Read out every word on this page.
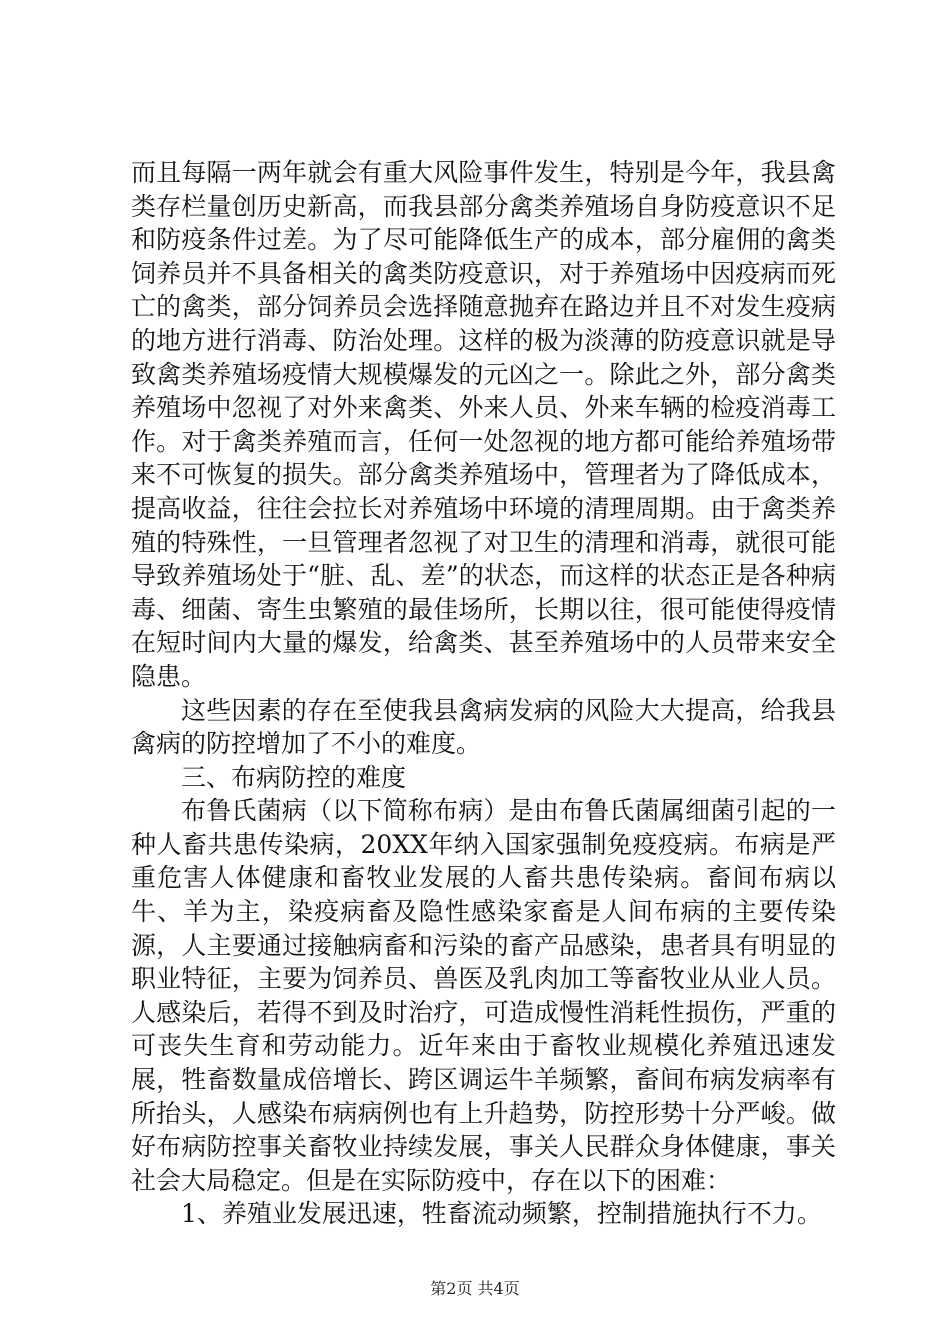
而且每隔一两年就会有重大风险事件发生，特别是今年，我县禽类存栏量创历史新高，而我县部分禽类养殖场自身防疫意识不足和防疫条件过差。为了尽可能降低生产的成本，部分雇佣的禽类饲养员并不具备相关的禽类防疫意识，对于养殖场中因疫病而死亡的禽类，部分饲养员会选择随意抛弃在路边并且不对发生疫病的地方进行消毒、防治处理。这样的极为淡薄的防疫意识就是导致禽类养殖场疫情大规模爆发的元凶之一。除此之外，部分禽类养殖场中忽视了对外来禽类、外来人员、外来车辆的检疫消毒工作。对于禽类养殖而言，任何一处忽视的地方都可能给养殖场带来不可恢复的损失。部分禽类养殖场中，管理者为了降低成本，提高收益，往往会拉长对养殖场中环境的清理周期。由于禽类养殖的特殊性，一旦管理者忽视了对卫生的清理和消毒，就很可能导致养殖场处于“脏、乱、差”的状态，而这样的状态正是各种病毒、细菌、寄生虫繁殖的最佳场所，长期以往，很可能使得疫情在短时间内大量的爆发，给禽类、甚至养殖场中的人员带来安全隐患。

这些因素的存在至使我县禽病发病的风险大大提高，给我县禽病的防控增加了不小的难度。

三、布病防控的难度

布鲁氏菌病（以下简称布病）是由布鲁氏菌属细菌引起的一种人畜共患传染病，20XX年纳入国家强制免疫疫病。布病是严重危害人体健康和畜牧业发展的人畜共患传染病。畜间布病以牛、羊为主，染疫病畜及隐性感染家畜是人间布病的主要传染源，人主要通过接触病畜和污染的畜产品感染，患者具有明显的职业特征，主要为饲养员、兽医及乳肉加工等畜牧业从业人员。人感染后，若得不到及时治疗，可造成慢性消耗性损伤，严重的可丧失生育和劳动能力。近年来由于畜牧业规模化养殖迅速发展，牲畜数量成倍增长、跨区调运牛羊频繁，畜间布病发病率有所抬头，人感染布病病例也有上升趋势，防控形势十分严峻。做好布病防控事关畜牧业持续发展，事关人民群众身体健康，事关社会大局稳定。但是在实际防疫中，存在以下的困难：

1、养殖业发展迅速，牲畜流动频繁，控制措施执行不力。

第2页 共4页
